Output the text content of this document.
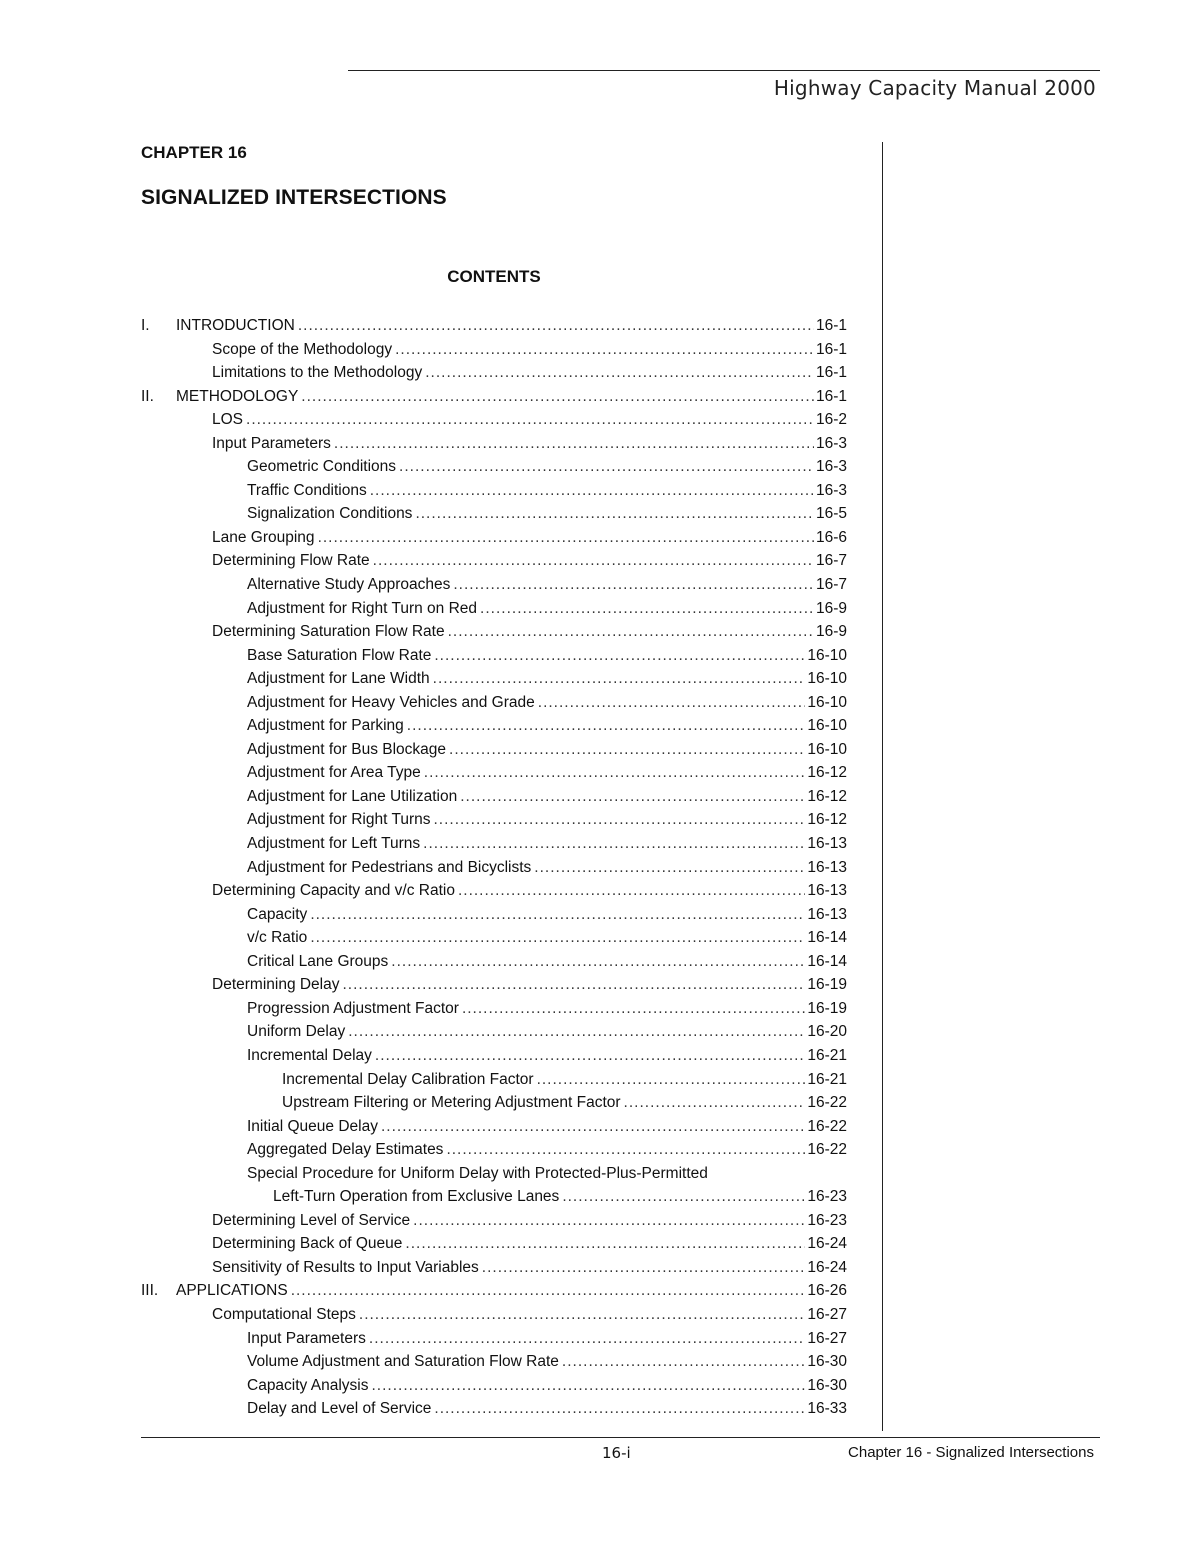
Highway Capacity Manual 2000
CHAPTER 16
SIGNALIZED INTERSECTIONS
CONTENTS
I. INTRODUCTION .....	16-1
Scope of the Methodology .....	16-1
Limitations to the Methodology .....	16-1
II. METHODOLOGY .....	16-1
LOS .....	16-2
Input Parameters .....	16-3
Geometric Conditions .....	16-3
Traffic Conditions .....	16-3
Signalization Conditions .....	16-5
Lane Grouping .....	16-6
Determining Flow Rate .....	16-7
Alternative Study Approaches .....	16-7
Adjustment for Right Turn on Red .....	16-9
Determining Saturation Flow Rate .....	16-9
Base Saturation Flow Rate .....	16-10
Adjustment for Lane Width .....	16-10
Adjustment for Heavy Vehicles and Grade .....	16-10
Adjustment for Parking .....	16-10
Adjustment for Bus Blockage .....	16-10
Adjustment for Area Type .....	16-12
Adjustment for Lane Utilization .....	16-12
Adjustment for Right Turns .....	16-12
Adjustment for Left Turns .....	16-13
Adjustment for Pedestrians and Bicyclists .....	16-13
Determining Capacity and v/c Ratio .....	16-13
Capacity .....	16-13
v/c Ratio .....	16-14
Critical Lane Groups .....	16-14
Determining Delay .....	16-19
Progression Adjustment Factor .....	16-19
Uniform Delay .....	16-20
Incremental Delay .....	16-21
Incremental Delay Calibration Factor .....	16-21
Upstream Filtering or Metering Adjustment Factor .....	16-22
Initial Queue Delay .....	16-22
Aggregated Delay Estimates .....	16-22
Special Procedure for Uniform Delay with Protected-Plus-Permitted
Left-Turn Operation from Exclusive Lanes .....	16-23
Determining Level of Service .....	16-23
Determining Back of Queue .....	16-24
Sensitivity of Results to Input Variables .....	16-24
III. APPLICATIONS .....	16-26
Computational Steps .....	16-27
Input Parameters .....	16-27
Volume Adjustment and Saturation Flow Rate .....	16-30
Capacity Analysis .....	16-30
Delay and Level of Service .....	16-33
16-i	Chapter 16 - Signalized Intersections
